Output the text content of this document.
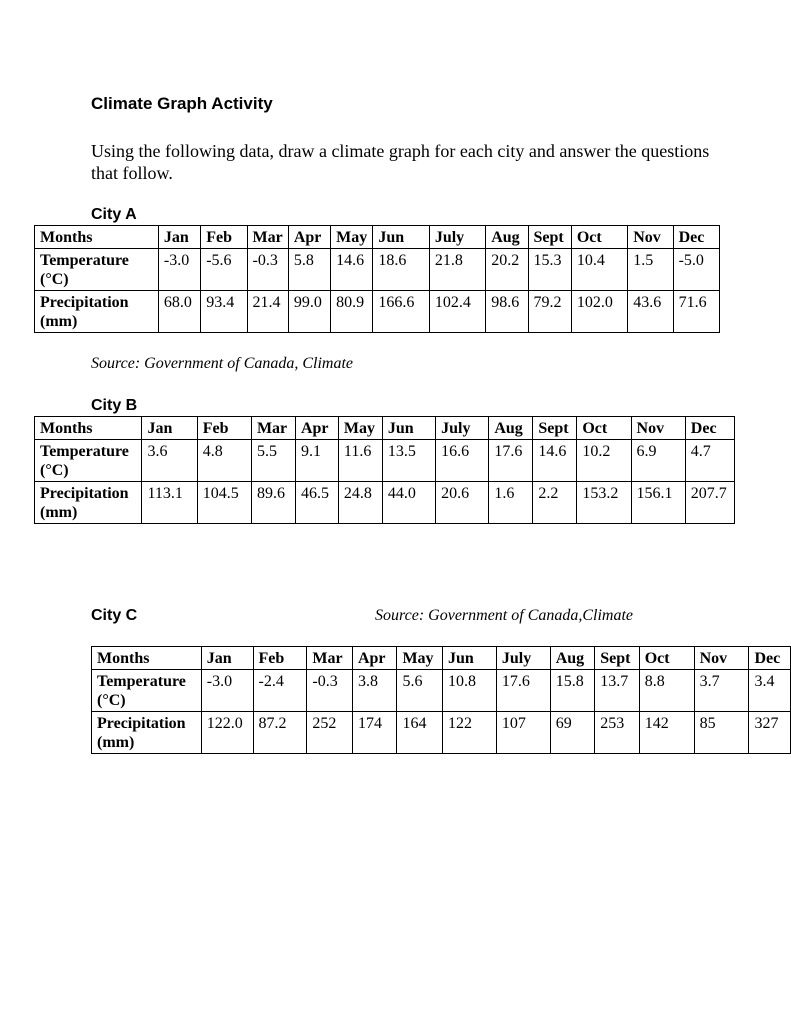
Climate Graph Activity
Using the following data, draw a climate graph for each city and answer the questions that follow.
City A
Months	Jan	Feb	Mar	Apr	May	Jun	July	Aug	Sept	Oct	Nov	Dec
Temperature (°C)	-3.0	-5.6	-0.3	5.8	14.6	18.6	21.8	20.2	15.3	10.4	1.5	-5.0
Precipitation (mm)	68.0	93.4	21.4	99.0	80.9	166.6	102.4	98.6	79.2	102.0	43.6	71.6
Source: Government of Canada, Climate
City B
Months	Jan	Feb	Mar	Apr	May	Jun	July	Aug	Sept	Oct	Nov	Dec
Temperature (°C)	3.6	4.8	5.5	9.1	11.6	13.5	16.6	17.6	14.6	10.2	6.9	4.7
Precipitation (mm)	113.1	104.5	89.6	46.5	24.8	44.0	20.6	1.6	2.2	153.2	156.1	207.7
City C	Source: Government of Canada,Climate
Months	Jan	Feb	Mar	Apr	May	Jun	July	Aug	Sept	Oct	Nov	Dec
Temperature (°C)	-3.0	-2.4	-0.3	3.8	5.6	10.8	17.6	15.8	13.7	8.8	3.7	3.4
Precipitation (mm)	122.0	87.2	252	174	164	122	107	69	253	142	85	327
